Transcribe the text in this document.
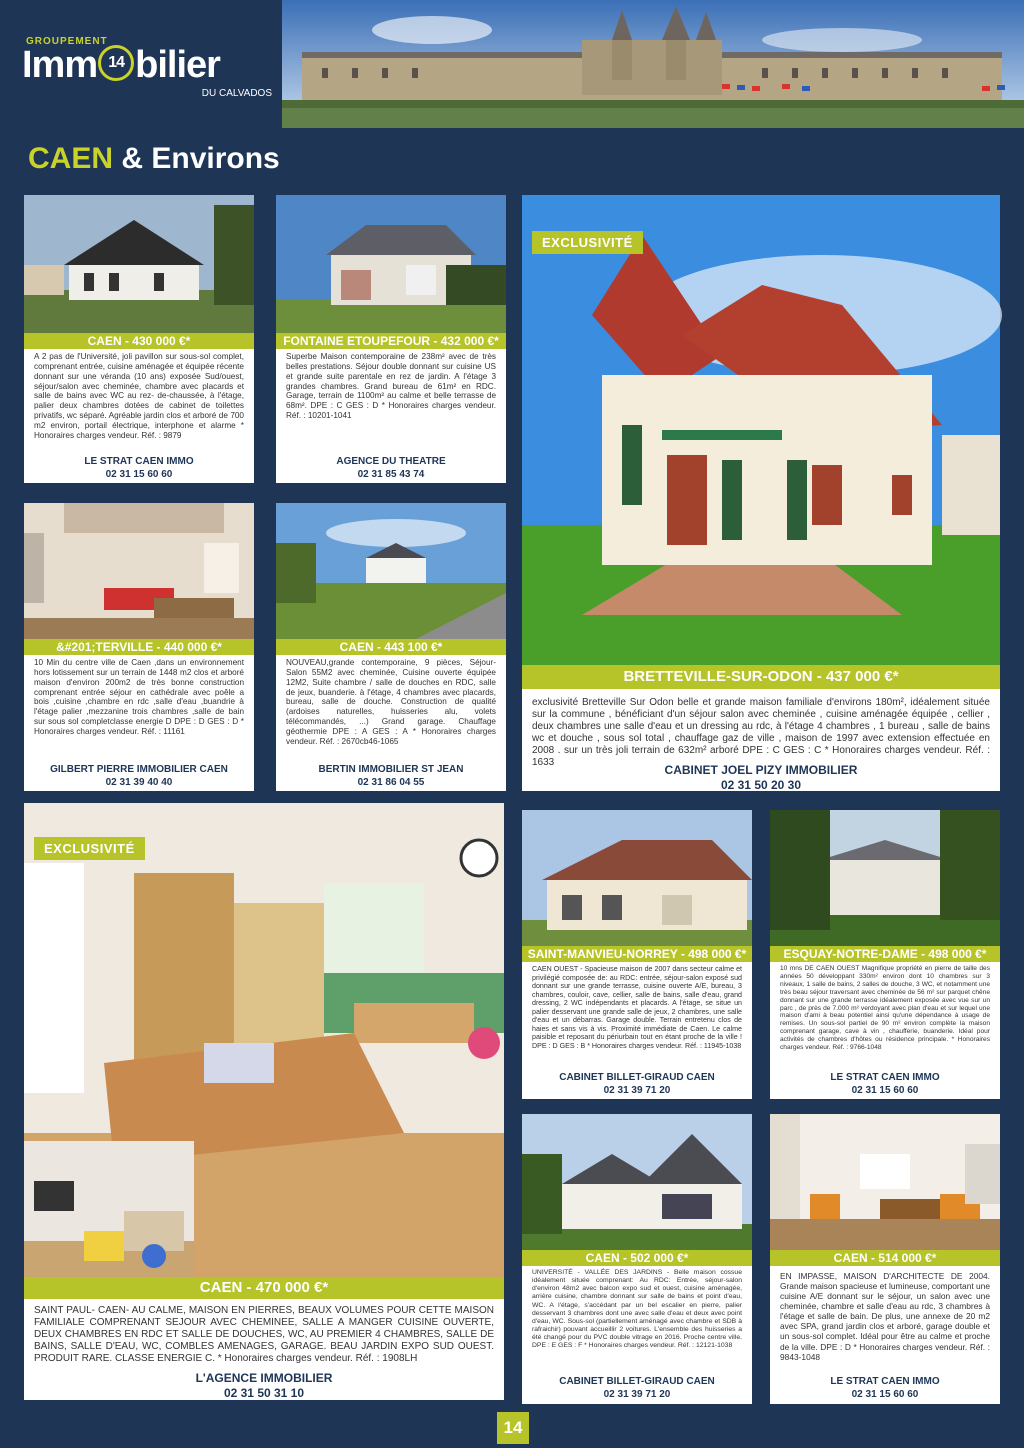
GROUPEMENT
Imm 14 bilier
DU CALVADOS
CAEN & Environs
CAEN - 430 000 €*
A 2 pas de l'Université, joli pavillon sur sous-sol complet, comprenant entrée, cuisine aménagée et équipée récente donnant sur une véranda (10 ans) exposée Sud/ouest, séjour/salon avec cheminée, chambre avec placards et salle de bains avec WC au rez- de-chaussée, à l'étage, palier deux chambres dotées de cabinet de toilettes privatifs, wc séparé. Agréable jardin clos et arboré de 700 m2 environ, portail électrique, interphone et alarme * Honoraires charges vendeur. Réf. : 9879
LE STRAT CAEN IMMO
02 31 15 60 60
FONTAINE ETOUPEFOUR - 432 000 €*
Superbe Maison contemporaine de 238m² avec de très belles prestations. Séjour double donnant sur cuisine US et grande suite parentale en rez de jardin. A l'étage 3 grandes chambres. Grand bureau de 61m² en RDC. Garage, terrain de 1100m² au calme et belle terrasse de 68m². DPE : C GES : D * Honoraires charges vendeur. Réf. : 10201-1041
AGENCE DU THEATRE
02 31 85 43 74
&#201;TERVILLE - 440 000 €*
10 Min du centre ville de Caen ,dans un environnement hors lotissement sur un terrain de 1448 m2 clos et arboré maison d'environ 200m2 de très bonne construction comprenant entrée séjour en cathédrale avec poêle a bois ,cuisine ,chambre en rdc ,salle d'eau ,buandrie à l'étage palier ,mezzanine trois chambres ,salle de bain sur sous sol completclasse energie D DPE : D GES : D * Honoraires charges vendeur. Réf. : 11161
GILBERT PIERRE IMMOBILIER CAEN
02 31 39 40 40
CAEN - 443 100 €*
NOUVEAU,grande contemporaine, 9 pièces, Séjour-Salon 55M2 avec cheminée, Cuisine ouverte équipée 12M2, Suite chambre / salle de douches en RDC, salle de jeux, buanderie. à l'étage, 4 chambres avec placards, bureau, salle de douche. Construction de qualité (ardoises naturelles, huisseries alu, volets télécommandés, ...) Grand garage. Chauffage géothermie DPE : A GES : A * Honoraires charges vendeur. Réf. : 2670cb46-1065
BERTIN IMMOBILIER ST JEAN
02 31 86 04 55
EXCLUSIVITÉ
BRETTEVILLE-SUR-ODON - 437 000 €*
exclusivité Bretteville Sur Odon belle et grande maison familiale d'environs 180m², idéalement située sur la commune , bénéficiant d'un séjour salon avec cheminée , cuisine aménagée équipée , cellier , deux chambres une salle d'eau et un dressing au rdc, à l'étage 4 chambres , 1 bureau , salle de bains wc et douche , sous sol total , chauffage gaz de ville , maison de 1997 avec extension effectuée en 2008 . sur un très joli terrain de 632m² arboré DPE : C GES : C * Honoraires charges vendeur. Réf. : 1633
CABINET JOEL PIZY IMMOBILIER
02 31 50 20 30
EXCLUSIVITÉ
CAEN - 470 000 €*
SAINT PAUL- CAEN- AU CALME, MAISON EN PIERRES, BEAUX VOLUMES POUR CETTE MAISON FAMILIALE COMPRENANT SEJOUR AVEC CHEMINEE, SALLE A MANGER CUISINE OUVERTE, DEUX CHAMBRES EN RDC ET SALLE DE DOUCHES, WC, AU PREMIER 4 CHAMBRES, SALLE DE BAINS, SALLE D'EAU, WC, COMBLES AMENAGES, GARAGE. BEAU JARDIN EXPO SUD OUEST. PRODUIT RARE. CLASSE ENERGIE C. * Honoraires charges vendeur. Réf. : 1908LH
L'AGENCE IMMOBILIER
02 31 50 31 10
SAINT-MANVIEU-NORREY - 498 000 €*
CAEN OUEST - Spacieuse maison de 2007 dans secteur calme et privilégié composée de: au RDC: entrée, séjour-salon exposé sud donnant sur une grande terrasse, cuisine ouverte A/E, bureau, 3 chambres, couloir, cave, cellier, salle de bains, salle d'eau, grand dressing, 2 WC indépendants et placards. A l'étage, se situe un palier desservant une grande salle de jeux, 2 chambres, une salle d'eau et un débarras. Garage double. Terrain entretenu clos de haies et sans vis à vis. Proximité immédiate de Caen. Le calme paisible et reposant du périurbain tout en étant proche de la ville ! DPE : D GES : B * Honoraires charges vendeur. Réf. : 11945-1038
CABINET BILLET-GIRAUD CAEN
02 31 39 71 20
ESQUAY-NOTRE-DAME - 498 000 €*
10 mns DE CAEN OUEST Magnifique propriété en pierre de taille des années 50 développant 330m² environ dont 10 chambres sur 3 niveaux, 1 salle de bains, 2 salles de douche, 3 WC, et notamment une très beau séjour traversant avec cheminée de 56 m² sur parquet chêne donnant sur une grande terrasse idéalement exposée avec vue sur un parc , de près de 7.000 m² verdoyant avec plan d'eau et sur lequel une maison d'ami à beau potentiel ainsi qu'une dépendance à usage de remises. Un sous-sol partiel de 90 m² environ complète la maison comprenant garage, cave à vin , chaufferie, buanderie. Idéal pour activités de chambres d'hôtes ou résidence principale. * Honoraires charges vendeur. Réf. : 9766-1048
LE STRAT CAEN IMMO
02 31 15 60 60
CAEN - 502 000 €*
UNIVERSITÉ - VALLÉE DES JARDINS - Belle maison cossue idéalement située comprenant: Au RDC: Entrée, séjour-salon d'environ 48m2 avec balcon expo sud et ouest, cuisine aménagée, arrière cuisine, chambre donnant sur salle de bains et point d'eau, WC. A l'étage, s'accédant par un bel escalier en pierre, palier desservant 3 chambres dont une avec salle d'eau et deux avec point d'eau, WC. Sous-sol (partiellement aménagé avec chambre et SDB à rafraichir) pouvant accueillir 2 voitures. L'ensemble des huisseries a été changé pour du PVC double vitrage en 2016. Proche centre ville. DPE : E GES : F * Honoraires charges vendeur. Réf. : 12121-1038
CABINET BILLET-GIRAUD CAEN
02 31 39 71 20
CAEN - 514 000 €*
EN IMPASSE, MAISON D'ARCHITECTE DE 2004. Grande maison spacieuse et lumineuse, comportant une cuisine A/E donnant sur le séjour, un salon avec une cheminée, chambre et salle d'eau au rdc, 3 chambres à l'étage et salle de bain. De plus, une annexe de 20 m2 avec SPA, grand jardin clos et arboré, garage double et un sous-sol complet. Idéal pour être au calme et proche de la ville. DPE : D * Honoraires charges vendeur. Réf. : 9843-1048
LE STRAT CAEN IMMO
02 31 15 60 60
14
